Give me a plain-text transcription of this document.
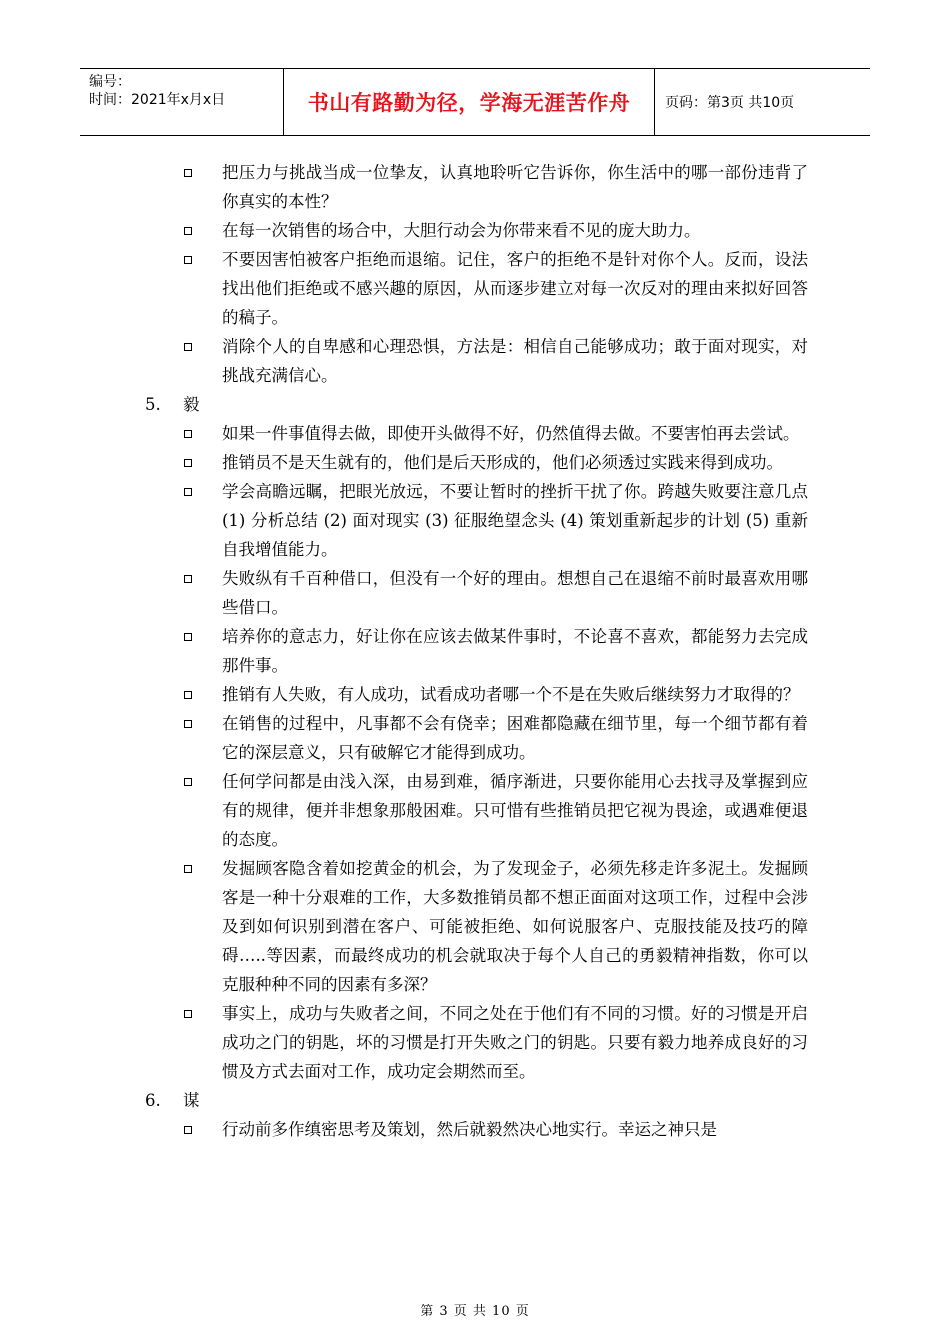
编号：
时间：2021年x月x日	书山有路勤为径，学海无涯苦作舟	页码：第3页 共10页
把压力与挑战当成一位挚友，认真地聆听它告诉你，你生活中的哪一部份违背了你真实的本性？
在每一次销售的场合中，大胆行动会为你带来看不见的庞大助力。
不要因害怕被客户拒绝而退缩。记住，客户的拒绝不是针对你个人。反而，设法找出他们拒绝或不感兴趣的原因，从而逐步建立对每一次反对的理由来拟好回答的稿子。
消除个人的自卑感和心理恐惧，方法是：相信自己能够成功；敢于面对现实，对挑战充满信心。
5. 毅
如果一件事值得去做，即使开头做得不好，仍然值得去做。不要害怕再去尝试。
推销员不是天生就有的，他们是后天形成的，他们必须透过实践来得到成功。
学会高瞻远瞩，把眼光放远，不要让暂时的挫折干扰了你。跨越失败要注意几点 (1) 分析总结 (2) 面对现实 (3) 征服绝望念头 (4) 策划重新起步的计划 (5) 重新自我增值能力。
失败纵有千百种借口，但没有一个好的理由。想想自己在退缩不前时最喜欢用哪些借口。
培养你的意志力，好让你在应该去做某件事时，不论喜不喜欢，都能努力去完成那件事。
推销有人失败，有人成功，试看成功者哪一个不是在失败后继续努力才取得的？
在销售的过程中，凡事都不会有侥幸；困难都隐藏在细节里，每一个细节都有着它的深层意义，只有破解它才能得到成功。
任何学问都是由浅入深，由易到难，循序渐进，只要你能用心去找寻及掌握到应有的规律，便并非想象那般困难。只可惜有些推销员把它视为畏途，或遇难便退的态度。
发掘顾客隐含着如挖黄金的机会，为了发现金子，必须先移走许多泥土。发掘顾客是一种十分艰难的工作，大多数推销员都不想正面面对这项工作，过程中会涉及到如何识别到潜在客户、可能被拒绝、如何说服客户、克服技能及技巧的障碍…..等因素，而最终成功的机会就取决于每个人自己的勇毅精神指数，你可以克服种种不同的因素有多深？
事实上，成功与失败者之间，不同之处在于他们有不同的习惯。好的习惯是开启成功之门的钥匙，坏的习惯是打开失败之门的钥匙。只要有毅力地养成良好的习惯及方式去面对工作，成功定会期然而至。
6. 谋
行动前多作缜密思考及策划，然后就毅然决心地实行。幸运之神只是
第 3 页 共 10 页
